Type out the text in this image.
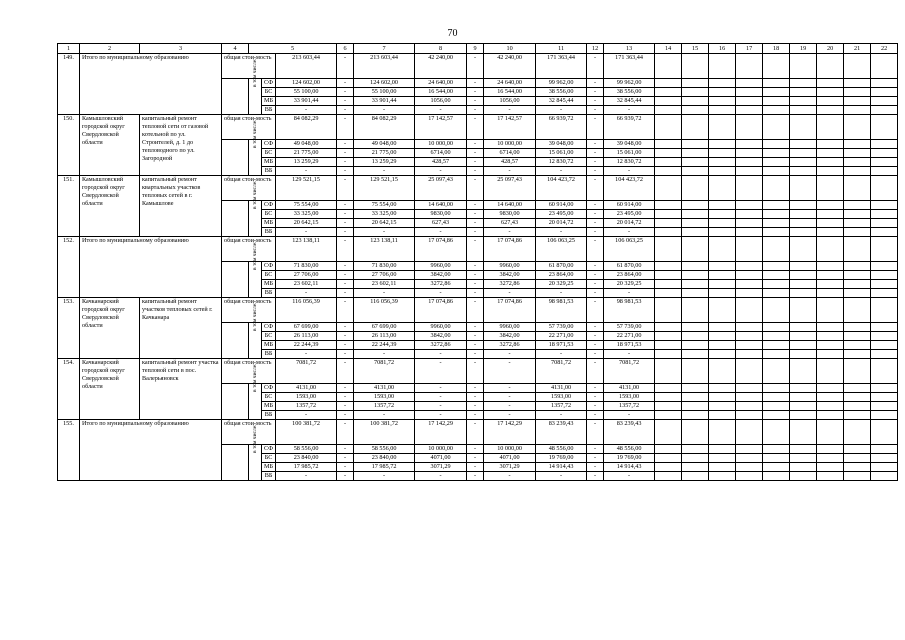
70
1	2	3	4	5			6	7	8	9	10	11	12	13	14	15	16	17	18	19	20	21	22
149.	Итого по муниципальному образованию		общая стои-мость			213 603,44	-	213 603,44	42 240,00	-	42 240,00	171 363,44	-	171 363,44									
				в том числе:	СФ	124 602,00	-	124 602,00	24 640,00	-	24 640,00	99 962,00	-	99 962,00									
					БС	55 100,00	-	55 100,00	16 544,00	-	16 544,00	38 556,00	-	38 556,00									
					МБ	33 901,44	-	33 901,44	1056,00	-	1056,00	32 845,44	-	32 845,44									
					ВБ	-	-	-	-	-	-	-	-	-									
150.	Камышловский городской округ Свердловской области	капитальный ремонт тепловой сети от газовой котельной по ул. Строителей, д. 1 до тепловодного по ул. Загородной	общая стои-мость			84 082,29	-	84 082,29	17 142,57	-	17 142,57	66 939,72	-	66 939,72									
				в том числе:	СФ	49 048,00	-	49 048,00	10 000,00	-	10 000,00	39 048,00	-	39 048,00									
					БС	21 775,00	-	21 775,00	6714,00	-	6714,00	15 061,00	-	15 061,00									
					МБ	13 259,29	-	13 259,29	428,57	-	428,57	12 830,72	-	12 830,72									
					ВБ	-	-	-	-	-	-	-	-	-									
151.	Камышловский городской округ Свердловской области	капитальный ремонт квартальных участков тепловых сетей в г. Камышлове	общая стои-мость			129 521,15	-	129 521,15	25 097,43	-	25 097,43	104 423,72	-	104 423,72									
				в том числе:	СФ	75 554,00	-	75 554,00	14 640,00	-	14 640,00	60 914,00	-	60 914,00									
					БС	33 325,00	-	33 325,00	9830,00	-	9830,00	23 495,00	-	23 495,00									
					МБ	20 642,15	-	20 642,15	627,43	-	627,43	20 014,72	-	20 014,72									
					ВБ	-	-	-	-	-	-	-	-	-									
152.	Итого по муниципальному образованию		общая стои-мость			123 138,11	-	123 138,11	17 074,86	-	17 074,86	106 063,25	-	106 063,25									
				в том числе:	СФ	71 830,00	-	71 830,00	9960,00	-	9960,00	61 870,00	-	61 870,00									
					БС	27 706,00	-	27 706,00	3842,00	-	3842,00	23 864,00	-	23 864,00									
					МБ	23 602,11	-	23 602,11	3272,86	-	3272,86	20 329,25	-	20 329,25									
					ВБ	-	-	-	-	-	-	-	-	-									
153.	Качканарский городской округ Свердловской области	капитальный ремонт участков тепловых сетей г. Качканара	общая стои-мость			116 056,39	-	116 056,39	17 074,86	-	17 074,86	98 981,53	-	98 981,53									
				в том числе:	СФ	67 699,00	-	67 699,00	9960,00	-	9960,00	57 739,00	-	57 739,00									
					БС	26 113,00	-	26 113,00	3842,00	-	3842,00	22 271,00	-	22 271,00									
					МБ	22 244,39	-	22 244,39	3272,86	-	3272,86	18 971,53	-	18 971,53									
					ВБ	-	-	-	-	-	-	-	-	-									
154.	Качканарский городской округ Свердловской области	капитальный ремонт участка тепловой сети в пос. Валерьяновск	общая стои-мость			7081,72	-	7081,72	-	-	-	7081,72	-	7081,72									
				в том числе:	СФ	4131,00	-	4131,00	-	-	-	4131,00	-	4131,00									
					БС	1593,00	-	1593,00	-	-	-	1593,00	-	1593,00									
					МБ	1357,72	-	1357,72	-	-	-	1357,72	-	1357,72									
					ВБ	-	-	-	-	-	-	-	-	-									
155.	Итого по муниципальному образованию		общая стои-мость			100 381,72	-	100 381,72	17 142,29	-	17 142,29	83 239,43	-	83 239,43									
				в том числе:	СФ	58 556,00	-	58 556,00	10 000,00	-	10 000,00	48 556,00	-	48 556,00									
					БС	23 840,00	-	23 840,00	4071,00	-	4071,00	19 769,00	-	19 769,00									
					МБ	17 985,72	-	17 985,72	3071,29	-	3071,29	14 914,43	-	14 914,43									
					ВБ	-	-	-	-	-	-	-	-	-									
